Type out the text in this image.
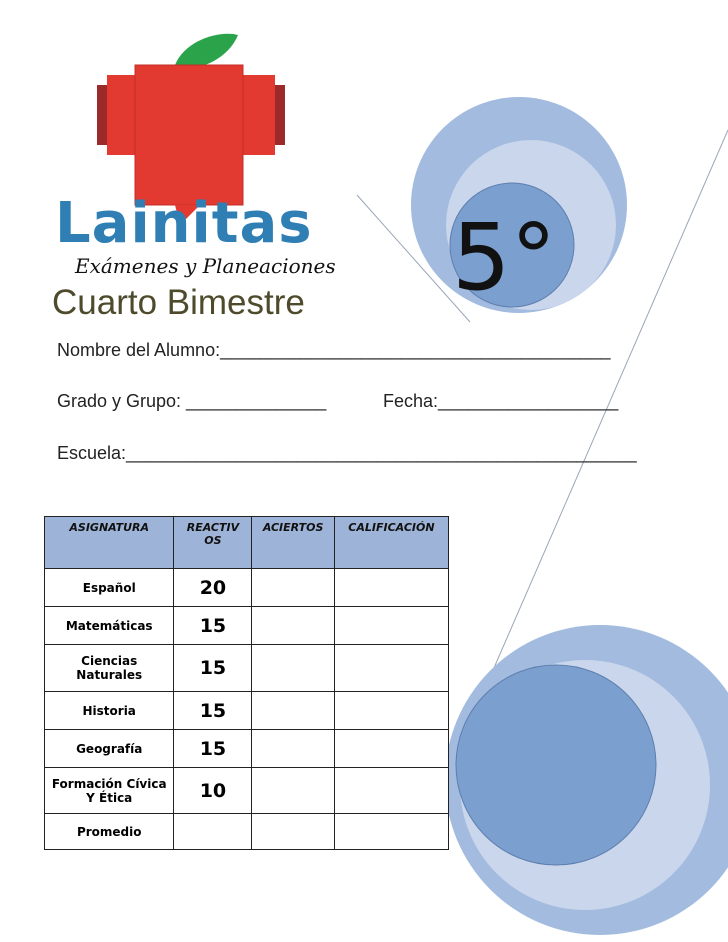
Lainitas
Exámenes y Planeaciones
Cuarto Bimestre 5°
Nombre del Alumno:_______________________________________
Grado y Grupo: ______________	Fecha:__________________
Escuela:___________________________________________________
ASIGNATURA	REACTIVOS	ACIERTOS	CALIFICACIÓN
Español	20		
Matemáticas	15		
Ciencias Naturales	15		
Historia	15		
Geografía	15		
Formación Cívica Y Ética	10		
Promedio			
